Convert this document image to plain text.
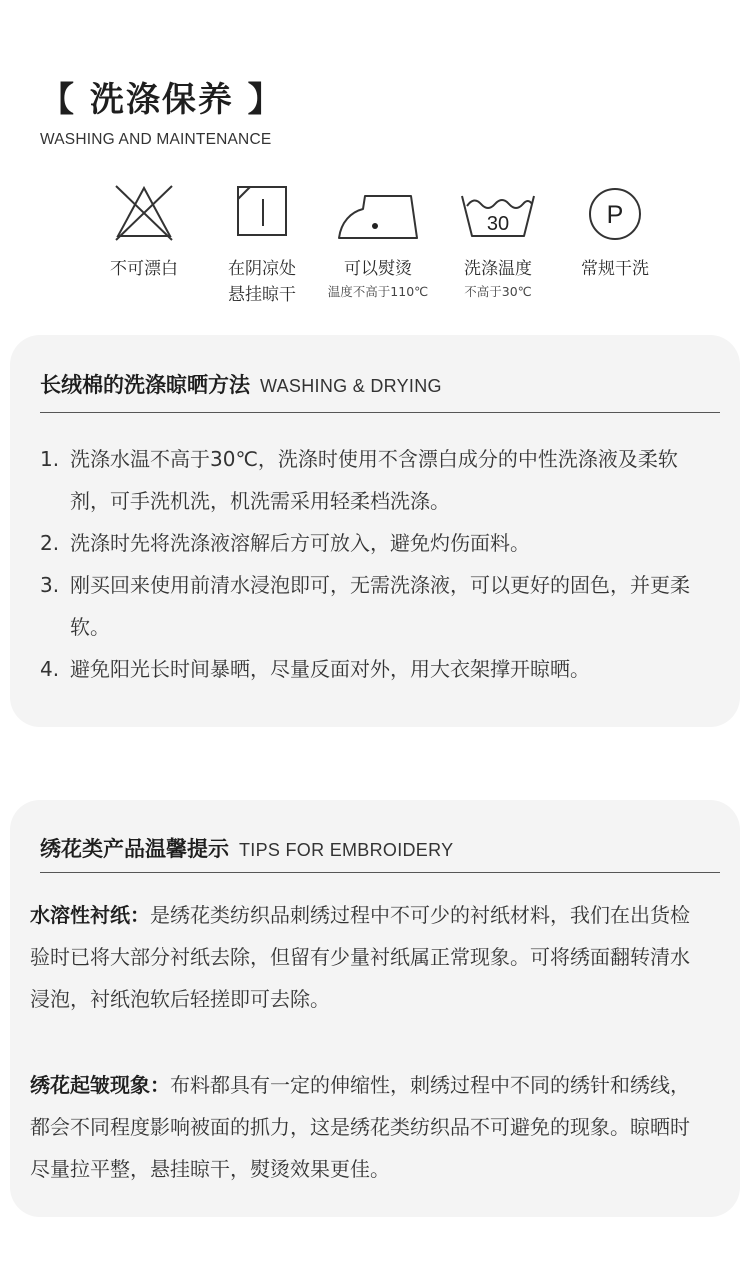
【 洗涤保养 】
WASHING AND MAINTENANCE
不可漂白	在阴凉处
悬挂晾干
可以熨烫
温度不高于110℃
30
洗涤温度
不高于30℃
P
常规干洗
长绒棉的洗涤晾晒方法 WASHING & DRYING
1. 洗涤水温不高于30℃，洗涤时使用不含漂白成分的中性洗涤液及柔软剂，可手洗机洗，机洗需采用轻柔档洗涤。
2. 洗涤时先将洗涤液溶解后方可放入，避免灼伤面料。
3. 刚买回来使用前清水浸泡即可，无需洗涤液，可以更好的固色，并更柔软。
4. 避免阳光长时间暴晒，尽量反面对外，用大衣架撑开晾晒。
绣花类产品温馨提示 TIPS FOR EMBROIDERY
水溶性衬纸：是绣花类纺织品刺绣过程中不可少的衬纸材料，我们在出货检验时已将大部分衬纸去除，但留有少量衬纸属正常现象。可将绣面翻转清水浸泡，衬纸泡软后轻搓即可去除。
绣花起皱现象：布料都具有一定的伸缩性，刺绣过程中不同的绣针和绣线，都会不同程度影响被面的抓力，这是绣花类纺织品不可避免的现象。晾晒时尽量拉平整，悬挂晾干，熨烫效果更佳。
